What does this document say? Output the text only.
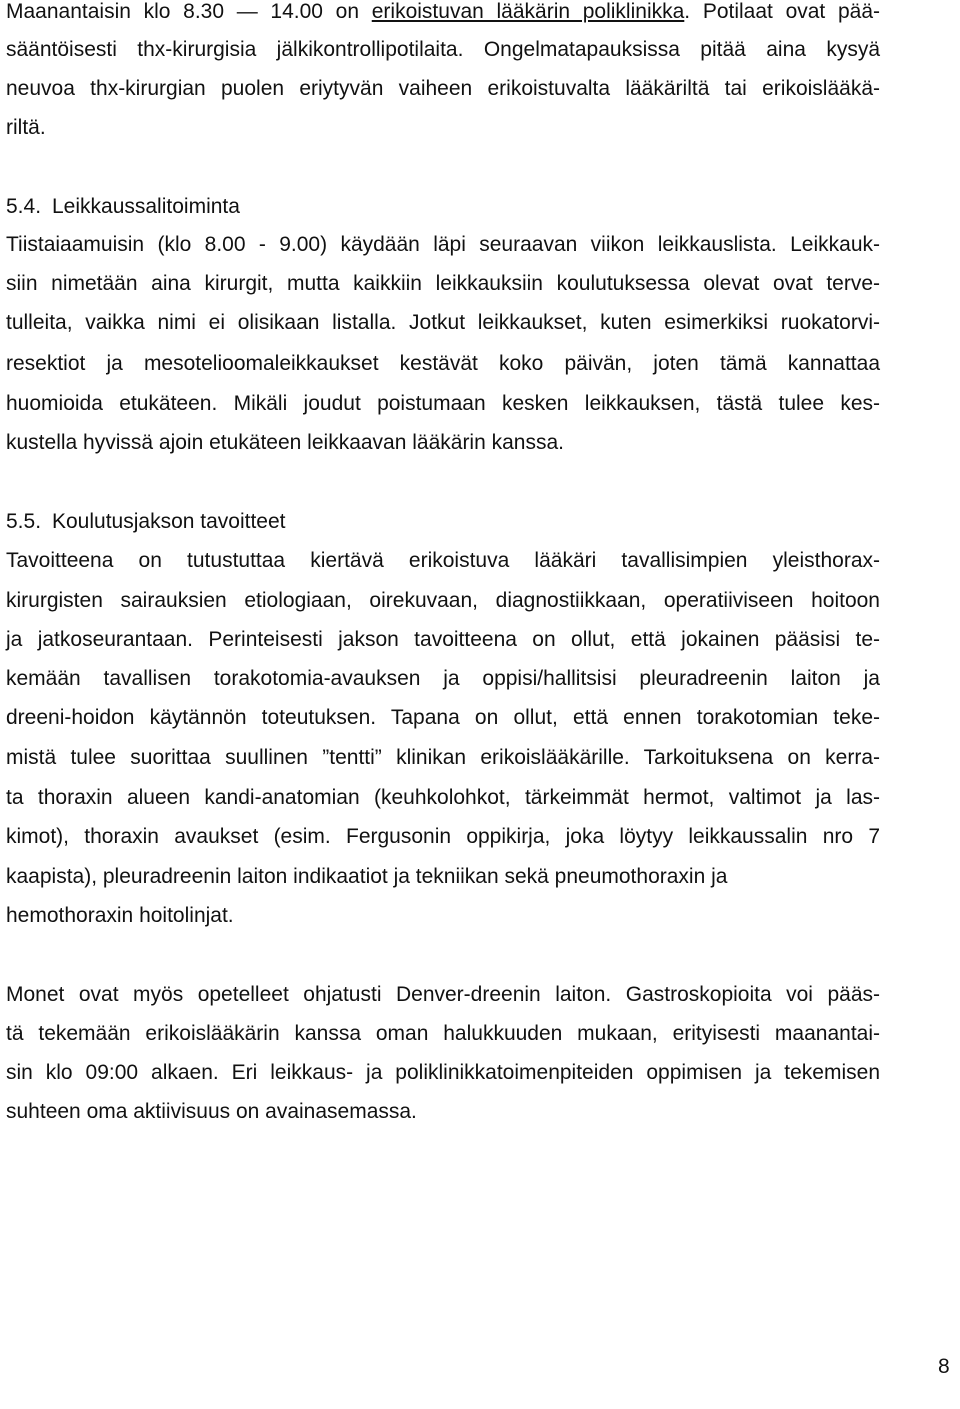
Maanantaisin klo 8.30 — 14.00 on erikoistuvan lääkärin poliklinikka. Potilaat ovat pää-

sääntöisesti thx-kirurgisia jälkikontrollipotilaita. Ongelmatapauksissa pitää aina kysyä

neuvoa thx-kirurgian puolen eriytyvän vaiheen erikoistuvalta lääkäriltä tai erikoislääkä-

riltä.

5.4. Leikkaussalitoiminta

Tiistaiaamuisin (klo 8.00 - 9.00) käydään läpi seuraavan viikon leikkauslista. Leikkauk-

siin nimetään aina kirurgit, mutta kaikkiin leikkauksiin koulutuksessa olevat ovat terve-

tulleita, vaikka nimi ei olisikaan listalla. Jotkut leikkaukset, kuten esimerkiksi ruokatorvi-

resektiot ja mesotelioomaleikkaukset kestävät koko päivän, joten tämä kannattaa

huomioida etukäteen. Mikäli joudut poistumaan kesken leikkauksen, tästä tulee kes-

kustella hyvissä ajoin etukäteen leikkaavan lääkärin kanssa.

5.5. Koulutusjakson tavoitteet

Tavoitteena on tutustuttaa kiertävä erikoistuva lääkäri tavallisimpien yleisthorax-

kirurgisten sairauksien etiologiaan, oirekuvaan, diagnostiikkaan, operatiiviseen hoitoon

ja jatkoseurantaan. Perinteisesti jakson tavoitteena on ollut, että jokainen pääsisi te-

kemään tavallisen torakotomia-avauksen ja oppisi/hallitsisi pleuradreenin laiton ja

dreeni-hoidon käytännön toteutuksen. Tapana on ollut, että ennen torakotomian teke-

mistä tulee suorittaa suullinen ”tentti” klinikan erikoislääkärille. Tarkoituksena on kerra-

ta thoraxin alueen kandi-anatomian (keuhkolohkot, tärkeimmät hermot, valtimot ja las-

kimot), thoraxin avaukset (esim. Fergusonin oppikirja, joka löytyy leikkaussalin nro 7

kaapista), pleuradreenin laiton indikaatiot ja tekniikan sekä pneumothoraxin ja

hemothoraxin hoitolinjat.

Monet ovat myös opetelleet ohjatusti Denver-dreenin laiton. Gastroskopioita voi pääs-

tä tekemään erikoislääkärin kanssa oman halukkuuden mukaan, erityisesti maanantai-

sin klo 09:00 alkaen. Eri leikkaus- ja poliklinikkatoimenpiteiden oppimisen ja tekemisen

suhteen oma aktiivisuus on avainasemassa.

8
